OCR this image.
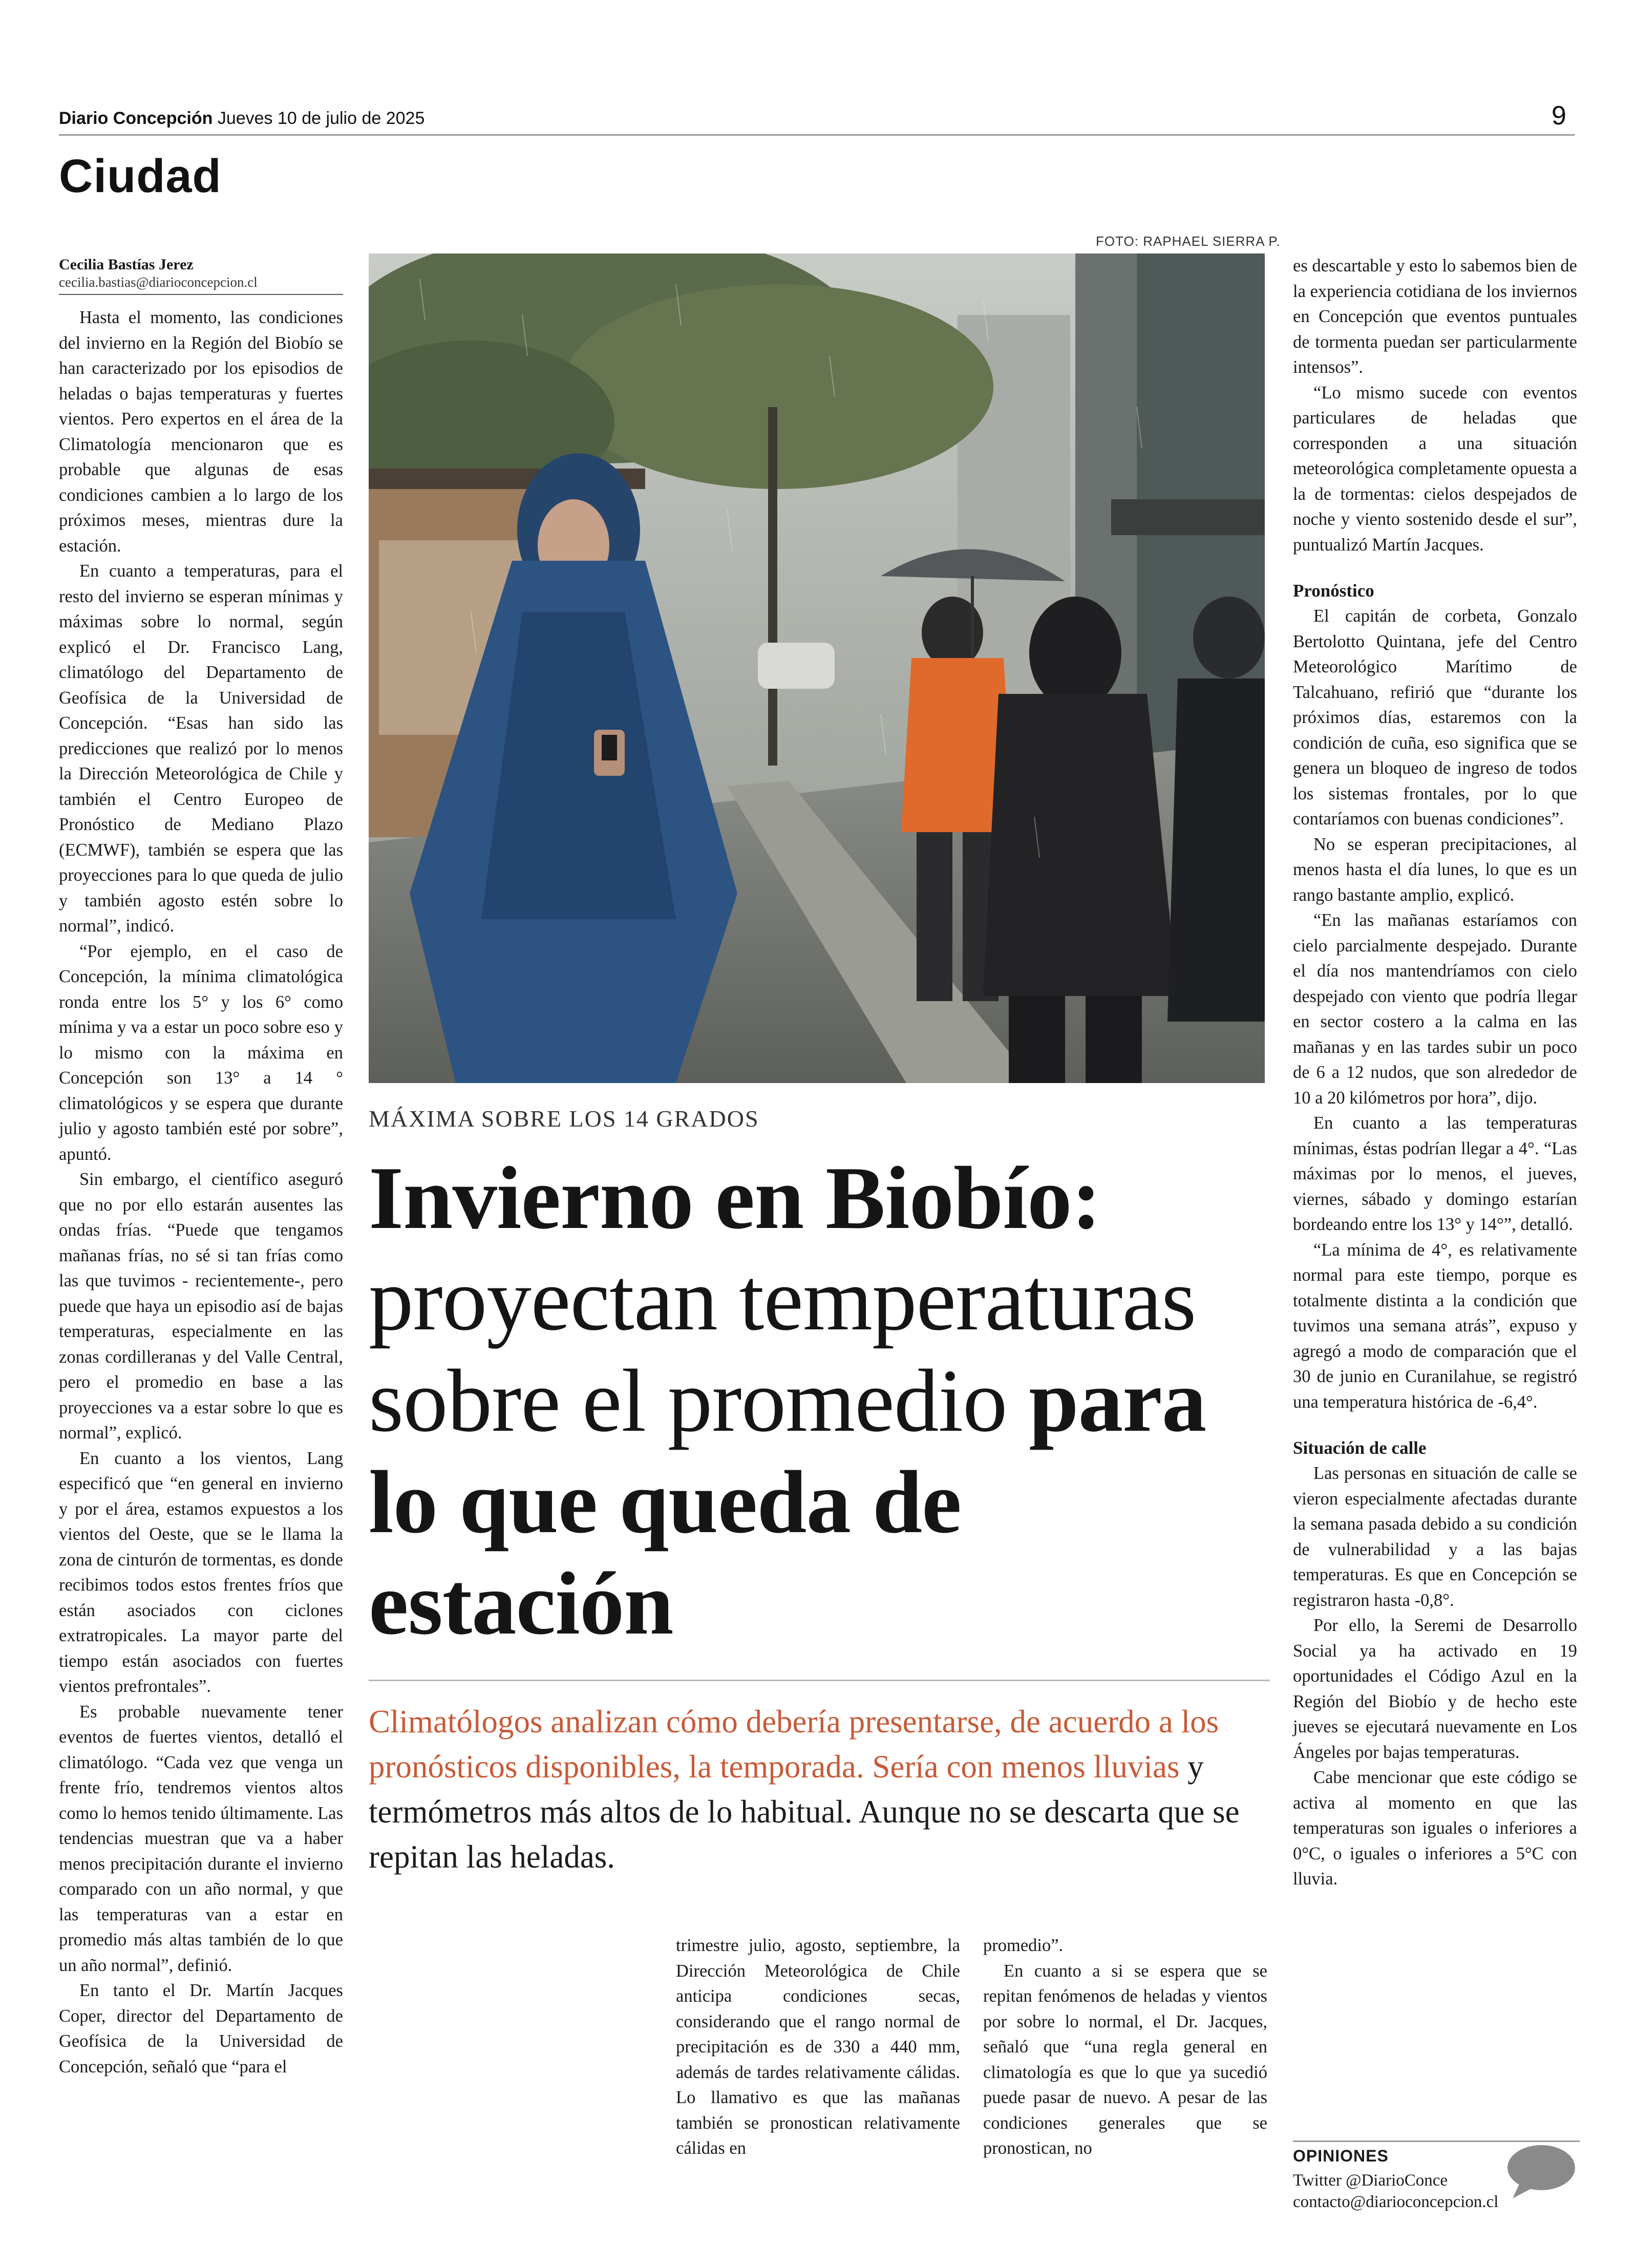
Diario Concepción Jueves 10 de julio de 2025	9
Ciudad
Cecilia Bastías Jerez
cecilia.bastias@diarioconcepcion.cl

Hasta el momento, las condiciones del invierno en la Región del Biobío se han caracterizado por los episodios de heladas o bajas temperaturas y fuertes vientos. Pero expertos en el área de la Climatología mencionaron que es probable que algunas de esas condiciones cambien a lo largo de los próximos meses, mientras dure la estación.

En cuanto a temperaturas, para el resto del invierno se esperan mínimas y máximas sobre lo normal, según explicó el Dr. Francisco Lang, climatólogo del Departamento de Geofísica de la Universidad de Concepción. “Esas han sido las predicciones que realizó por lo menos la Dirección Meteorológica de Chile y también el Centro Europeo de Pronóstico de Mediano Plazo (ECMWF), también se espera que las proyecciones para lo que queda de julio y también agosto estén sobre lo normal”, indicó.

“Por ejemplo, en el caso de Concepción, la mínima climatológica ronda entre los 5° y los 6° como mínima y va a estar un poco sobre eso y lo mismo con la máxima en Concepción son 13° a 14 ° climatológicos y se espera que durante julio y agosto también esté por sobre”, apuntó.

Sin embargo, el científico aseguró que no por ello estarán ausentes las ondas frías. “Puede que tengamos mañanas frías, no sé si tan frías como las que tuvimos - recientemente-, pero puede que haya un episodio así de bajas temperaturas, especialmente en las zonas cordilleranas y del Valle Central, pero el promedio en base a las proyecciones va a estar sobre lo que es normal”, explicó.

En cuanto a los vientos, Lang especificó que “en general en invierno y por el área, estamos expuestos a los vientos del Oeste, que se le llama la zona de cinturón de tormentas, es donde recibimos todos estos frentes fríos que están asociados con ciclones extratropicales. La mayor parte del tiempo están asociados con fuertes vientos prefrontales”.

Es probable nuevamente tener eventos de fuertes vientos, detalló el climatólogo. “Cada vez que venga un frente frío, tendremos vientos altos como lo hemos tenido últimamente. Las tendencias muestran que va a haber menos precipitación durante el invierno comparado con un año normal, y que las temperaturas van a estar en promedio más altas también de lo que un año normal”, definió.

En tanto el Dr. Martín Jacques Coper, director del Departamento de Geofísica de la Universidad de Concepción, señaló que “para el

FOTO: RAPHAEL SIERRA P.
MÁXIMA SOBRE LOS 14 GRADOS
Invierno en Biobío: proyectan temperaturas sobre el promedio para lo que queda de estación
Climatólogos analizan cómo debería presentarse, de acuerdo a los pronósticos disponibles, la temporada. Sería con menos lluvias y termómetros más altos de lo habitual. Aunque no se descarta que se repitan las heladas.

trimestre julio, agosto, septiembre, la Dirección Meteorológica de Chile anticipa condiciones secas, considerando que el rango normal de precipitación es de 330 a 440 mm, además de tardes relativamente cálidas. Lo llamativo es que las mañanas también se pronostican relativamente cálidas en

promedio”.

En cuanto a si se espera que se repitan fenómenos de heladas y vientos por sobre lo normal, el Dr. Jacques, señaló que “una regla general en climatología es que lo que ya sucedió puede pasar de nuevo. A pesar de las condiciones generales que se pronostican, no

es descartable y esto lo sabemos bien de la experiencia cotidiana de los inviernos en Concepción que eventos puntuales de tormenta puedan ser particularmente intensos”.

“Lo mismo sucede con eventos particulares de heladas que corresponden a una situación meteorológica completamente opuesta a la de tormentas: cielos despejados de noche y viento sostenido desde el sur”, puntualizó Martín Jacques.

Pronóstico

El capitán de corbeta, Gonzalo Bertolotto Quintana, jefe del Centro Meteorológico Marítimo de Talcahuano, refirió que “durante los próximos días, estaremos con la condición de cuña, eso significa que se genera un bloqueo de ingreso de todos los sistemas frontales, por lo que contaríamos con buenas condiciones”.

No se esperan precipitaciones, al menos hasta el día lunes, lo que es un rango bastante amplio, explicó.

“En las mañanas estaríamos con cielo parcialmente despejado. Durante el día nos mantendríamos con cielo despejado con viento que podría llegar en sector costero a la calma en las mañanas y en las tardes subir un poco de 6 a 12 nudos, que son alrededor de 10 a 20 kilómetros por hora”, dijo.

En cuanto a las temperaturas mínimas, éstas podrían llegar a 4°. “Las máximas por lo menos, el jueves, viernes, sábado y domingo estarían bordeando entre los 13° y 14°”, detalló.

“La mínima de 4°, es relativamente normal para este tiempo, porque es totalmente distinta a la condición que tuvimos una semana atrás”, expuso y agregó a modo de comparación que el 30 de junio en Curanilahue, se registró una temperatura histórica de -6,4°.

Situación de calle

Las personas en situación de calle se vieron especialmente afectadas durante la semana pasada debido a su condición de vulnerabilidad y a las bajas temperaturas. Es que en Concepción se registraron hasta -0,8°.

Por ello, la Seremi de Desarrollo Social ya ha activado en 19 oportunidades el Código Azul en la Región del Biobío y de hecho este jueves se ejecutará nuevamente en Los Ángeles por bajas temperaturas.

Cabe mencionar que este código se activa al momento en que las temperaturas son iguales o inferiores a 0°C, o iguales o inferiores a 5°C con lluvia.

OPINIONES
Twitter @DiarioConce
contacto@diarioconcepcion.cl
